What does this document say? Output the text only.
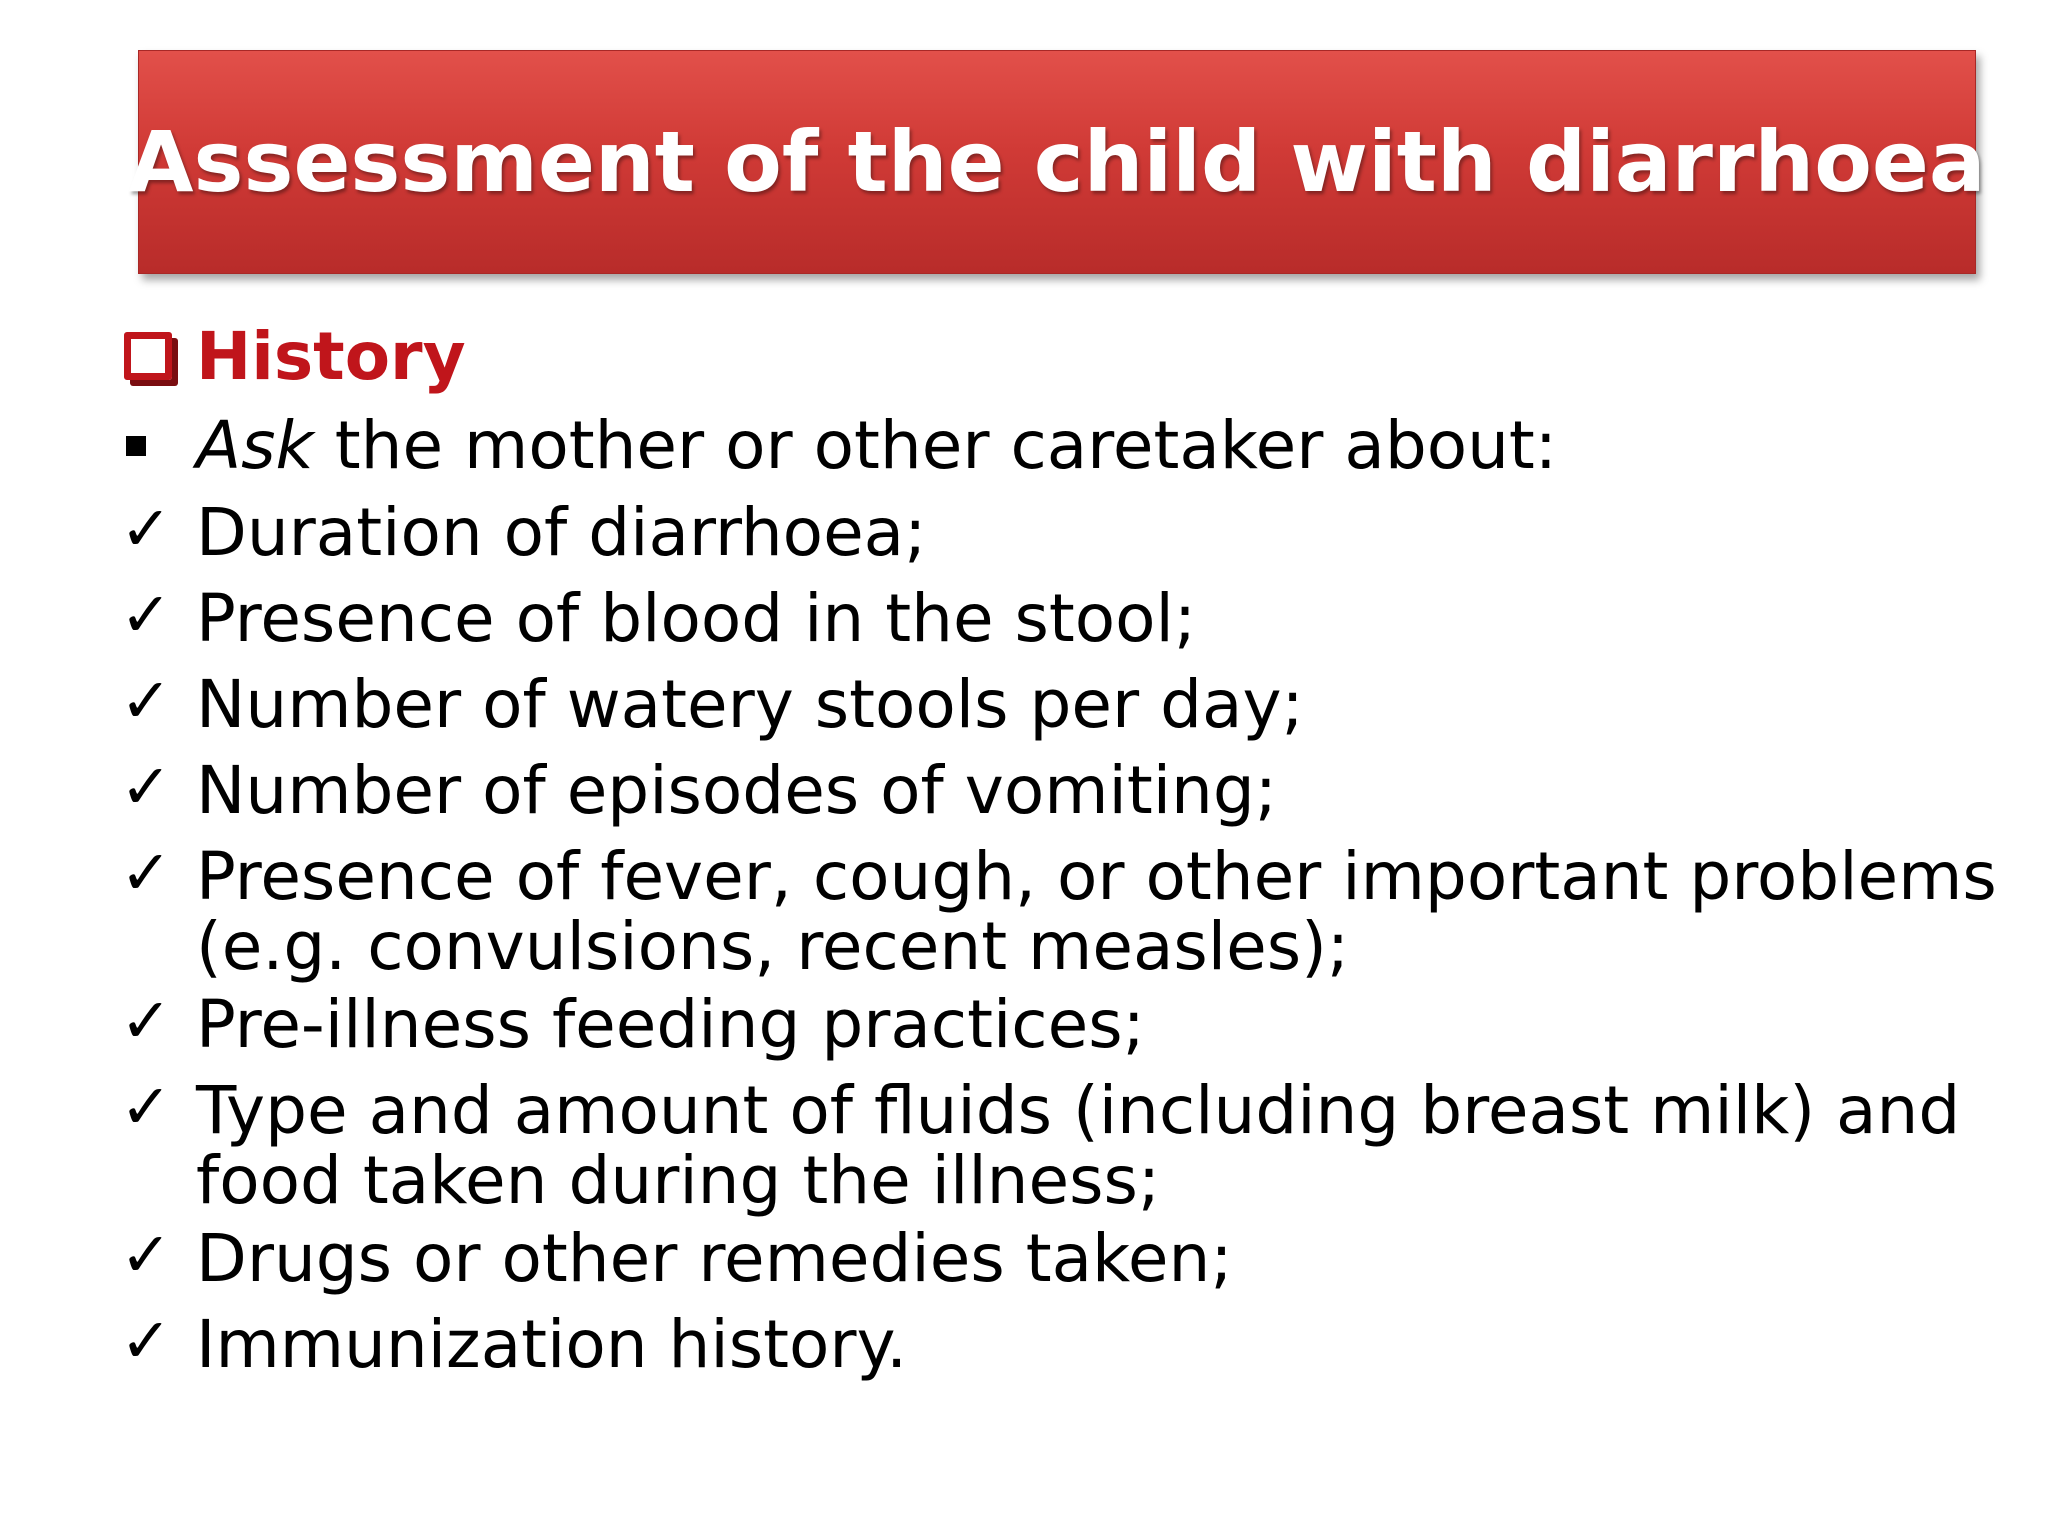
Assessment of the child with diarrhoea
History
Ask the mother or other caretaker about:
✓ Duration of diarrhoea;
✓ Presence of blood in the stool;
✓ Number of watery stools per day;
✓ Number of episodes of vomiting;
✓ Presence of fever, cough, or other important problems (e.g. convulsions, recent measles);
✓ Pre-illness feeding practices;
✓ Type and amount of fluids (including breast milk) and food taken during the illness;
✓ Drugs or other remedies taken;
✓ Immunization history.
